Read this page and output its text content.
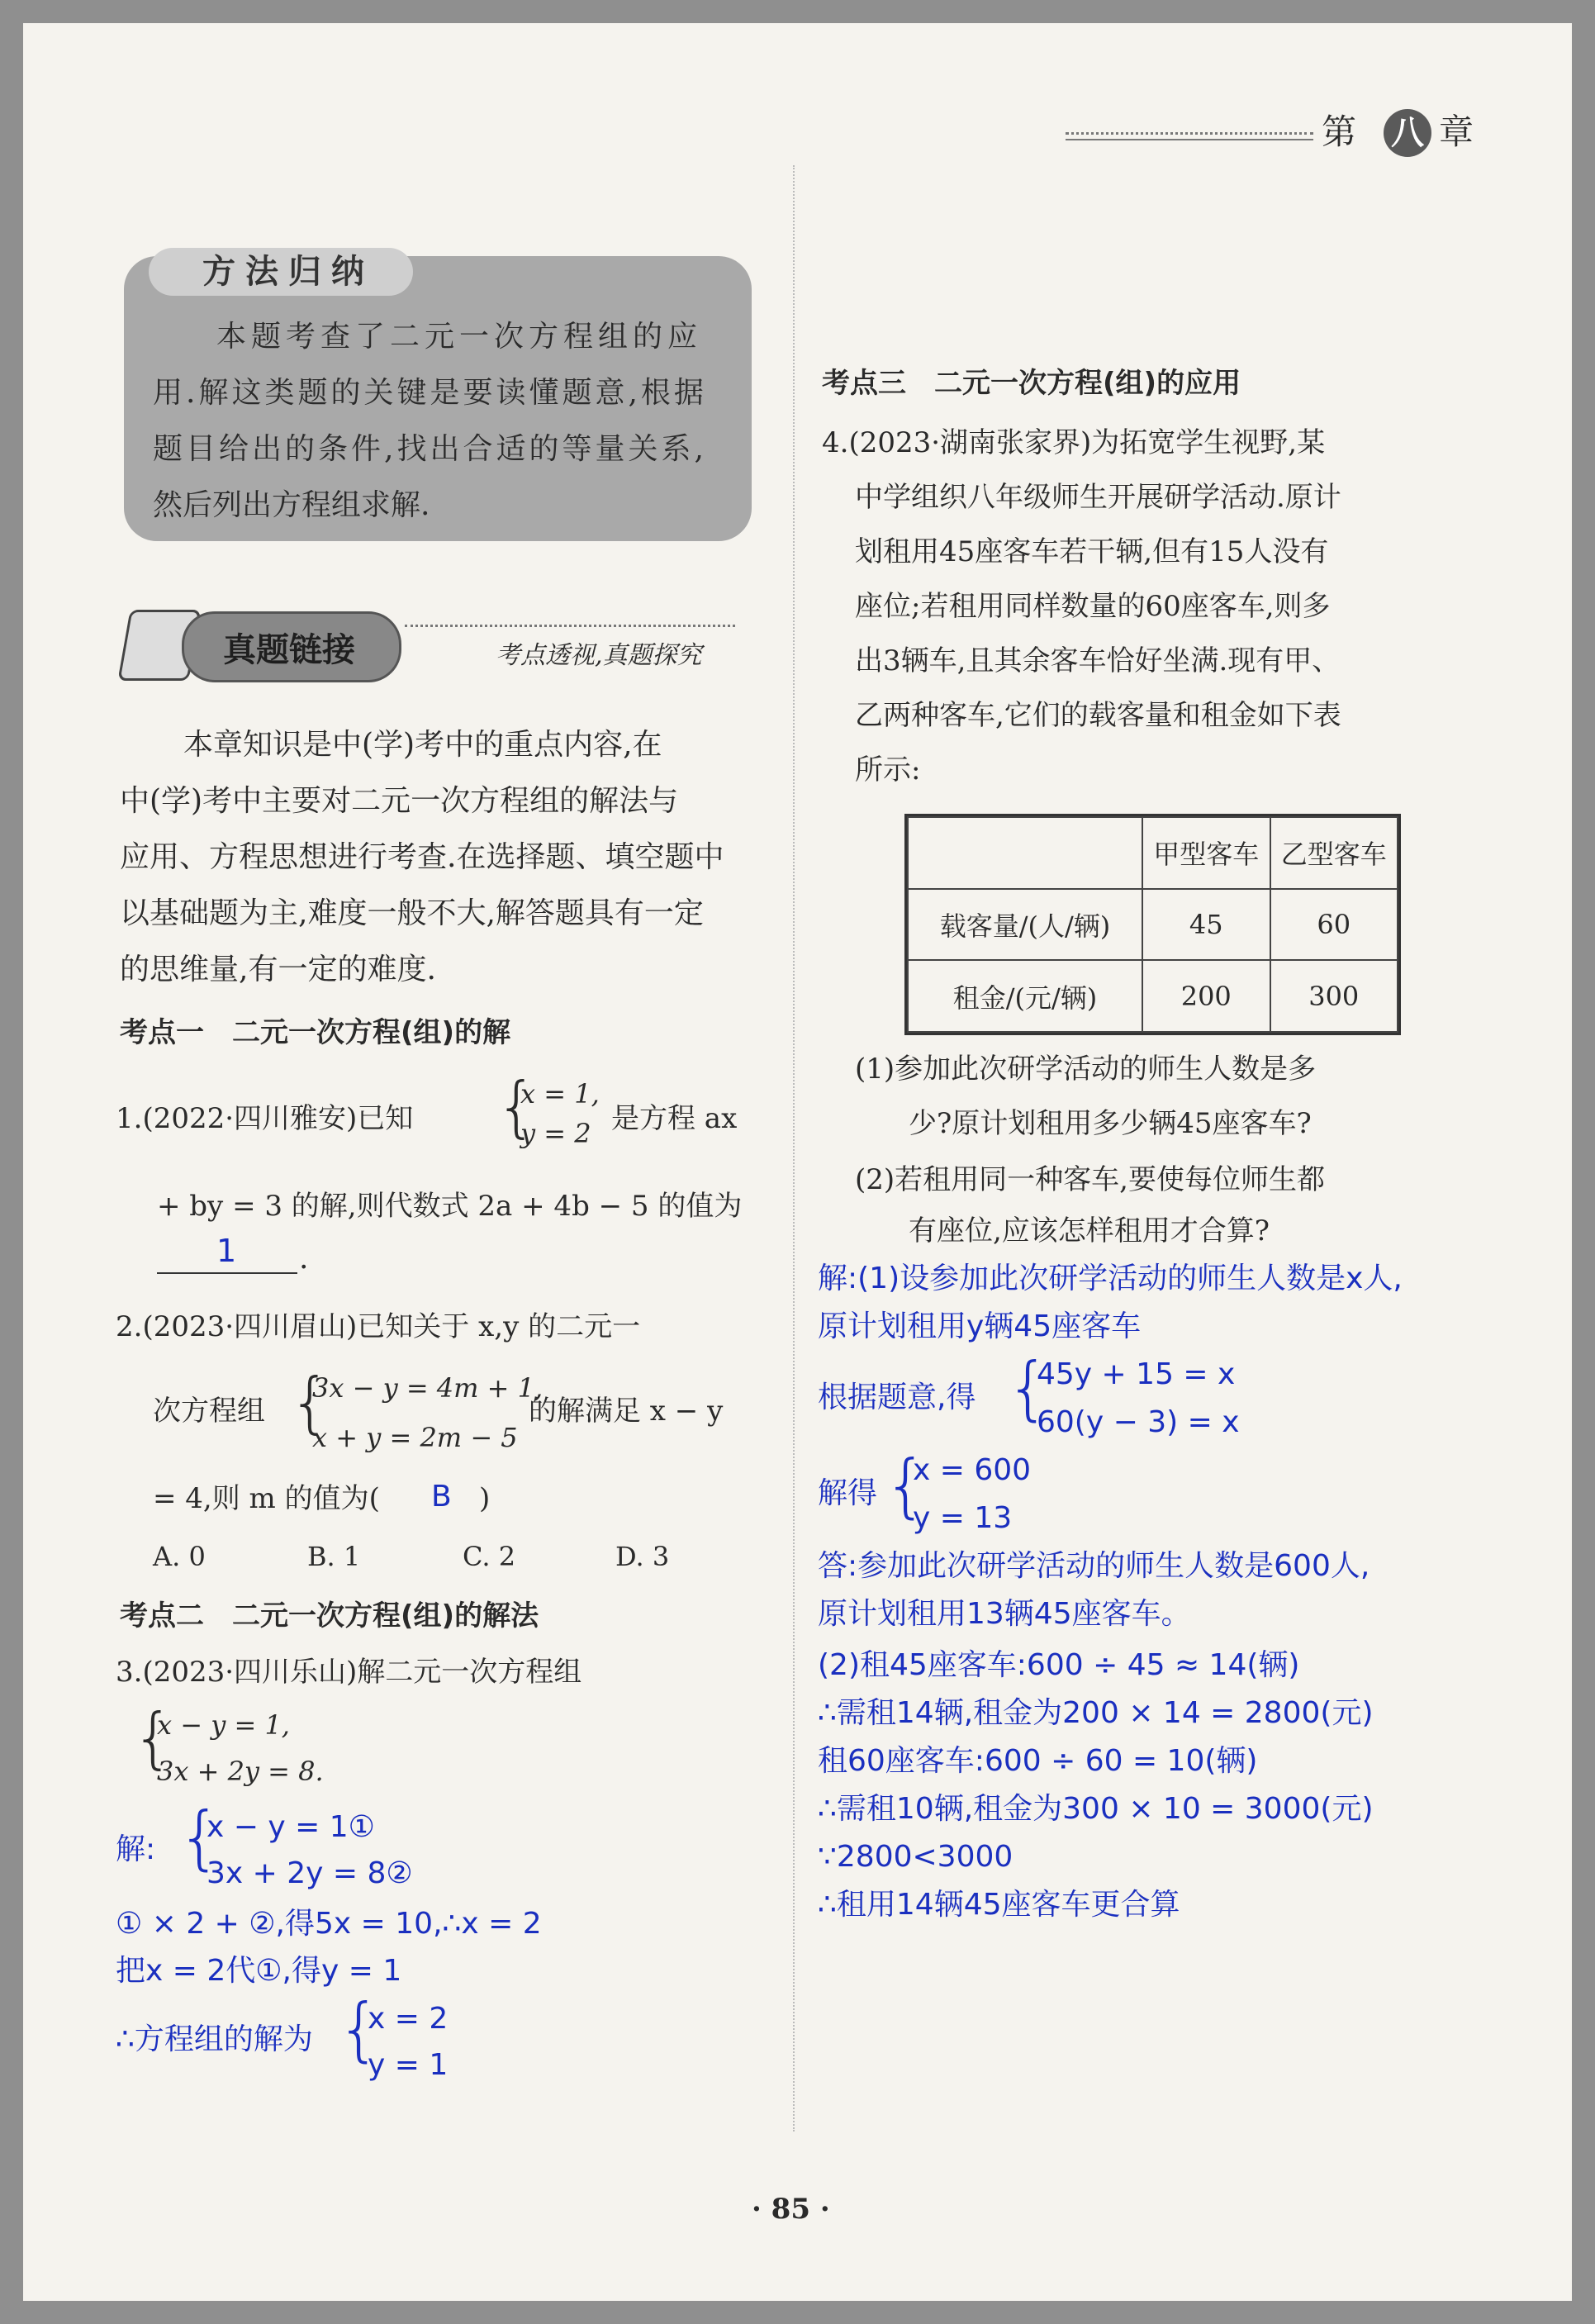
第 八 章
方法归纳
本题考查了二元一次方程组的应
用.解这类题的关键是要读懂题意,根据
题目给出的条件,找出合适的等量关系,
然后列出方程组求解.
真题链接	考点透视,真题探究
本章知识是中(学)考中的重点内容,在
中(学)考中主要对二元一次方程组的解法与
应用、方程思想进行考查.在选择题、填空题中
以基础题为主,难度一般不大,解答题具有一定
的思维量,有一定的难度.
考点一　二元一次方程(组)的解
1.(2022·四川雅安)已知 {
x = 1,
y = 2 是方程 ax
+ by = 3 的解,则代数式 2a + 4b − 5 的值为
1 .
2.(2023·四川眉山)已知关于 x,y 的二元一
次方程组 {
3x − y = 4m + 1,
x + y = 2m − 5
的解满足 x − y
= 4,则 m 的值为( B )
A. 0	B. 1	C. 2	D. 3
考点二　二元一次方程(组)的解法
3.(2023·四川乐山)解二元一次方程组
{
x − y = 1,
3x + 2y = 8.
解: {
x − y = 1①
3x + 2y = 8②
① × 2 + ②,得5x = 10,∴x = 2
把x = 2代①,得y = 1
∴方程组的解为 {
x = 2
y = 1
考点三　二元一次方程(组)的应用
4.(2023·湖南张家界)为拓宽学生视野,某
中学组织八年级师生开展研学活动.原计
划租用45座客车若干辆,但有15人没有
座位;若租用同样数量的60座客车,则多
出3辆车,且其余客车恰好坐满.现有甲、
乙两种客车,它们的载客量和租金如下表
所示:
	甲型客车	乙型客车
载客量/(人/辆)	45	60
租金/(元/辆)	200	300
(1)参加此次研学活动的师生人数是多
少?原计划租用多少辆45座客车?
(2)若租用同一种客车,要使每位师生都
有座位,应该怎样租用才合算?
解:(1)设参加此次研学活动的师生人数是x人,
原计划租用y辆45座客车
根据题意,得 {
45y + 15 = x
60(y − 3) = x
解得 {
x = 600
y = 13
答:参加此次研学活动的师生人数是600人,
原计划租用13辆45座客车。
(2)租45座客车:600 ÷ 45 ≈ 14(辆)
∴需租14辆,租金为200 × 14 = 2800(元)
租60座客车:600 ÷ 60 = 10(辆)
∴需租10辆,租金为300 × 10 = 3000(元)
∵2800<3000
∴租用14辆45座客车更合算
· 85 ·
